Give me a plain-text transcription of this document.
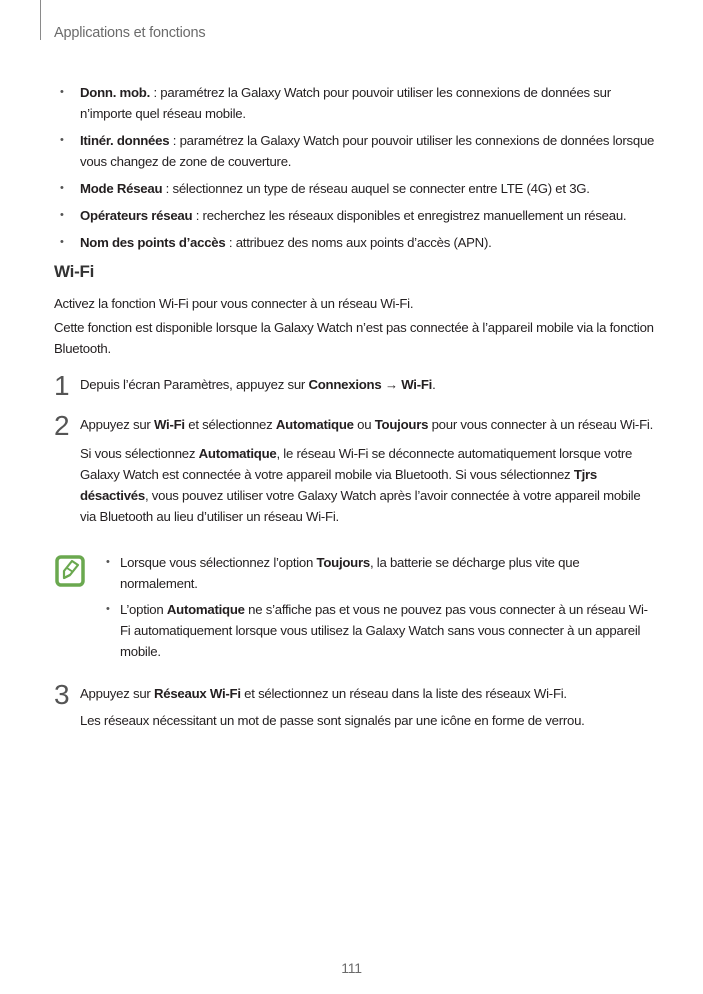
Applications et fonctions
• Donn. mob. : paramétrez la Galaxy Watch pour pouvoir utiliser les connexions de données sur n’importe quel réseau mobile.
• Itinér. données : paramétrez la Galaxy Watch pour pouvoir utiliser les connexions de données lorsque vous changez de zone de couverture.
• Mode Réseau : sélectionnez un type de réseau auquel se connecter entre LTE (4G) et 3G.
• Opérateurs réseau : recherchez les réseaux disponibles et enregistrez manuellement un réseau.
• Nom des points d’accès : attribuez des noms aux points d’accès (APN).
Wi-Fi
Activez la fonction Wi-Fi pour vous connecter à un réseau Wi-Fi.
Cette fonction est disponible lorsque la Galaxy Watch n’est pas connectée à l’appareil mobile via la fonction Bluetooth.
1 Depuis l’écran Paramètres, appuyez sur Connexions → Wi-Fi.
2 Appuyez sur Wi-Fi et sélectionnez Automatique ou Toujours pour vous connecter à un réseau Wi-Fi.
Si vous sélectionnez Automatique, le réseau Wi-Fi se déconnecte automatiquement lorsque votre Galaxy Watch est connectée à votre appareil mobile via Bluetooth. Si vous sélectionnez Tjrs désactivés, vous pouvez utiliser votre Galaxy Watch après l’avoir connectée à votre appareil mobile via Bluetooth au lieu d’utiliser un réseau Wi-Fi.
• Lorsque vous sélectionnez l’option Toujours, la batterie se décharge plus vite que normalement.
• L’option Automatique ne s’affiche pas et vous ne pouvez pas vous connecter à un réseau Wi-Fi automatiquement lorsque vous utilisez la Galaxy Watch sans vous connecter à un appareil mobile.
3 Appuyez sur Réseaux Wi-Fi et sélectionnez un réseau dans la liste des réseaux Wi-Fi.
Les réseaux nécessitant un mot de passe sont signalés par une icône en forme de verrou.
111
